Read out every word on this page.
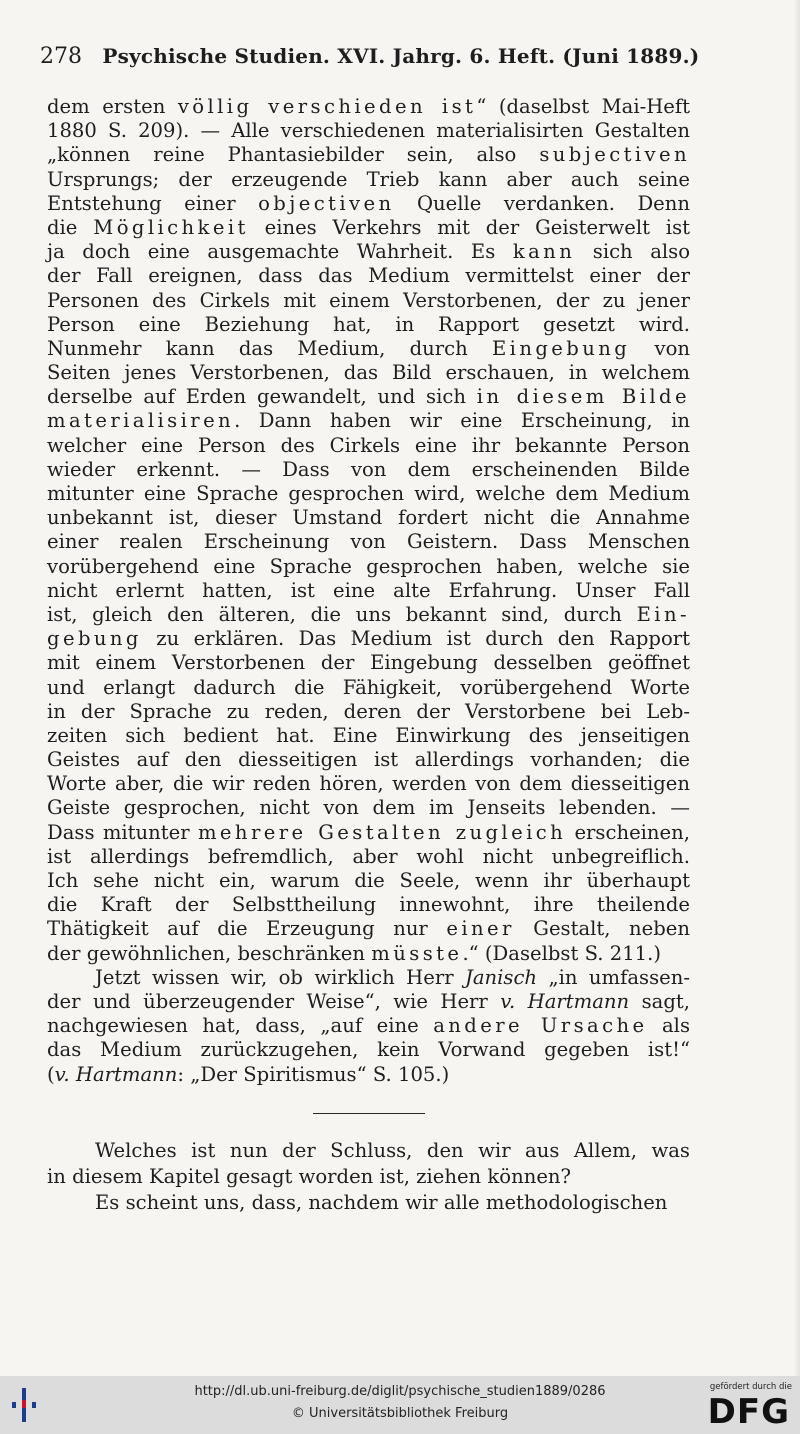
278 Psychische Studien. XVI. Jahrg. 6. Heft. (Juni 1889.)
dem ersten völlig verschieden ist“ (daselbst Mai-Heft
1880 S. 209). — Alle verschiedenen materialisirten Gestalten
„können reine Phantasiebilder sein, also subjectiven
Ursprungs; der erzeugende Trieb kann aber auch seine
Entstehung einer objectiven Quelle verdanken. Denn
die Möglichkeit eines Verkehrs mit der Geisterwelt ist
ja doch eine ausgemachte Wahrheit. Es kann sich also
der Fall ereignen, dass das Medium vermittelst einer der
Personen des Cirkels mit einem Verstorbenen, der zu jener
Person eine Beziehung hat, in Rapport gesetzt wird.
Nunmehr kann das Medium, durch Eingebung von
Seiten jenes Verstorbenen, das Bild erschauen, in welchem
derselbe auf Erden gewandelt, und sich in diesem Bilde
materialisiren. Dann haben wir eine Erscheinung, in
welcher eine Person des Cirkels eine ihr bekannte Person
wieder erkennt. — Dass von dem erscheinenden Bilde
mitunter eine Sprache gesprochen wird, welche dem Medium
unbekannt ist, dieser Umstand fordert nicht die Annahme
einer realen Erscheinung von Geistern. Dass Menschen
vorübergehend eine Sprache gesprochen haben, welche sie
nicht erlernt hatten, ist eine alte Erfahrung. Unser Fall
ist, gleich den älteren, die uns bekannt sind, durch Ein-
gebung zu erklären. Das Medium ist durch den Rapport
mit einem Verstorbenen der Eingebung desselben geöffnet
und erlangt dadurch die Fähigkeit, vorübergehend Worte
in der Sprache zu reden, deren der Verstorbene bei Leb-
zeiten sich bedient hat. Eine Einwirkung des jenseitigen
Geistes auf den diesseitigen ist allerdings vorhanden; die
Worte aber, die wir reden hören, werden von dem diesseitigen
Geiste gesprochen, nicht von dem im Jenseits lebenden. —
Dass mitunter mehrere Gestalten zugleich erscheinen,
ist allerdings befremdlich, aber wohl nicht unbegreiflich.
Ich sehe nicht ein, warum die Seele, wenn ihr überhaupt
die Kraft der Selbsttheilung innewohnt, ihre theilende
Thätigkeit auf die Erzeugung nur einer Gestalt, neben
der gewöhnlichen, beschränken müsste.“ (Daselbst S. 211.)
Jetzt wissen wir, ob wirklich Herr Janisch „in umfassen-
der und überzeugender Weise“, wie Herr v. Hartmann sagt,
nachgewiesen hat, dass, „auf eine andere Ursache als
das Medium zurückzugehen, kein Vorwand gegeben ist!“
(v. Hartmann: „Der Spiritismus“ S. 105.)
Welches ist nun der Schluss, den wir aus Allem, was
in diesem Kapitel gesagt worden ist, ziehen können?
Es scheint uns, dass, nachdem wir alle methodologischen
http://dl.ub.uni-freiburg.de/diglit/psychische_studien1889/0286
© Universitätsbibliothek Freiburg
gefördert durch die
DFG
